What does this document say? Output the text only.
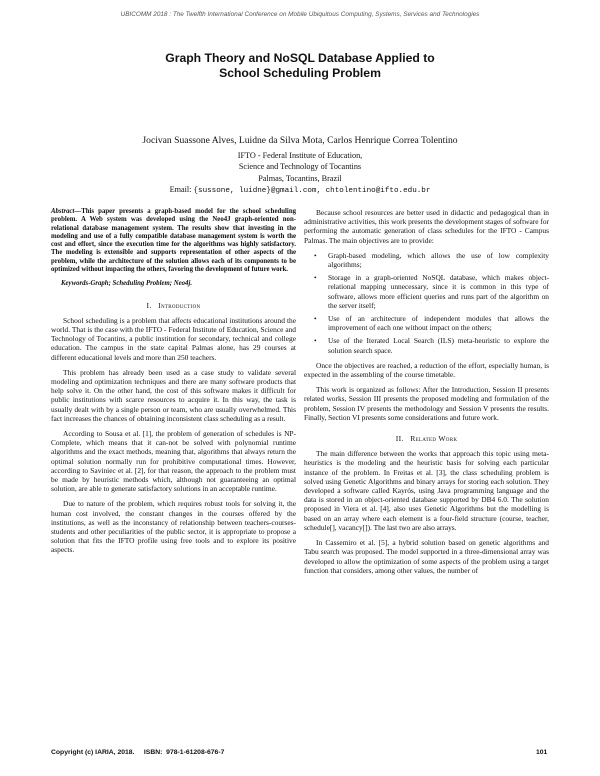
UBICOMM 2018 : The Twelfth International Conference on Mobile Ubiquitous Computing, Systems, Services and Technologies
Graph Theory and NoSQL Database Applied to
School Scheduling Problem
Jocivan Suassone Alves, Luidne da Silva Mota, Carlos Henrique Correa Tolentino
IFTO - Federal Institute of Education,
Science and Technology of Tocantins
Palmas, Tocantins, Brazil
Email: {sussone, luidne}@gmail.com, chtolentino@ifto.edu.br

Abstract—This paper presents a graph-based model for the school scheduling problem. A Web system was developed using the Neo4J graph-oriented non-relational database management system. The results show that investing in the modeling and use of a fully compatible database management system is worth the cost and effort, since the execution time for the algorithms was highly satisfactory. The modeling is extensible and supports representation of other aspects of the problem, while the architecture of the solution allows each of its components to be optimized without impacting the others, favoring the development of future work.

Keywords-Graph; Scheduling Problem; Neo4j.
I. Introduction

School scheduling is a problem that affects educational institutions around the world. That is the case with the IFTO - Federal Institute of Education, Science and Technology of Tocantins, a public institution for secondary, technical and college education. The campus in the state capital Palmas alone, has 29 courses at different educational levels and more than 250 teachers.

This problem has already been used as a case study to validate several modeling and optimization techniques and there are many software products that help solve it. On the other hand, the cost of this software makes it difficult for public institutions with scarce resources to acquire it. In this way, the task is usually dealt with by a single person or team, who are usually overwhelmed. This fact increases the chances of obtaining inconsistent class scheduling as a result.

According to Sousa et al. [1], the problem of generation of schedules is NP-Complete, which means that it can-not be solved with polynomial runtime algorithms and the exact methods, meaning that, algorithms that always return the optimal solution normally run for prohibitive computational times. However, according to Saviniec et al. [2], for that reason, the approach to the problem must be made by heuristic methods which, although not guaranteeing an optimal solution, are able to generate satisfactory solutions in an acceptable runtime.

Due to nature of the problem, which requires robust tools for solving it, the human cost involved, the constant changes in the courses offered by the institutions, as well as the inconstancy of relationship between teachers-courses-students and other peculiarities of the public sector, it is appropriate to propose a solution that fits the IFTO profile using free tools and to explore its positive aspects.

Because school resources are better used in didactic and pedagogical than in administrative activities, this work presents the development stages of software for performing the automatic generation of class schedules for the IFTO - Campus Palmas. The main objectives are to provide:

• Graph-based modeling, which allows the use of low complexity algorithms;
• Storage in a graph-oriented NoSQL database, which makes object-relational mapping unnecessary, since it is common in this type of software, allows more efficient queries and runs part of the algorithm on the server itself;
• Use of an architecture of independent modules that allows the improvement of each one without impact on the others;
• Use of the Iterated Local Search (ILS) meta-heuristic to explore the solution search space.

Once the objectives are reached, a reduction of the effort, especially human, is expected in the assembling of the course timetable.

This work is organized as follows: After the Introduction, Session II presents related works, Session III presents the proposed modeling and formulation of the problem, Session IV presents the methodology and Session V presents the results. Finally, Section VI presents some considerations and future work.

II. Related Work

The main difference between the works that approach this topic using meta-heuristics is the modeling and the heuristic basis for solving each particular instance of the problem. In Freitas et al. [3], the class scheduling problem is solved using Genetic Algorithms and binary arrays for storing each solution. They developed a software called Kayrós, using Java programming language and the data is stored in an object-oriented database supported by DB4 6.0. The solution proposed in Viera et al. [4], also uses Genetic Algorithms but the modelling is based on an array where each element is a four-field structure (course, teacher, schedule[], vacancy[]). The last two are also arrays.

In Cassemiro et al. [5], a hybrid solution based on genetic algorithms and Tabu search was proposed. The model supported in a three-dimensional array was developed to allow the optimization of some aspects of the problem using a target function that considers, among other values, the number of

Copyright (c) IARIA, 2018.     ISBN:  978-1-61208-676-7	101
